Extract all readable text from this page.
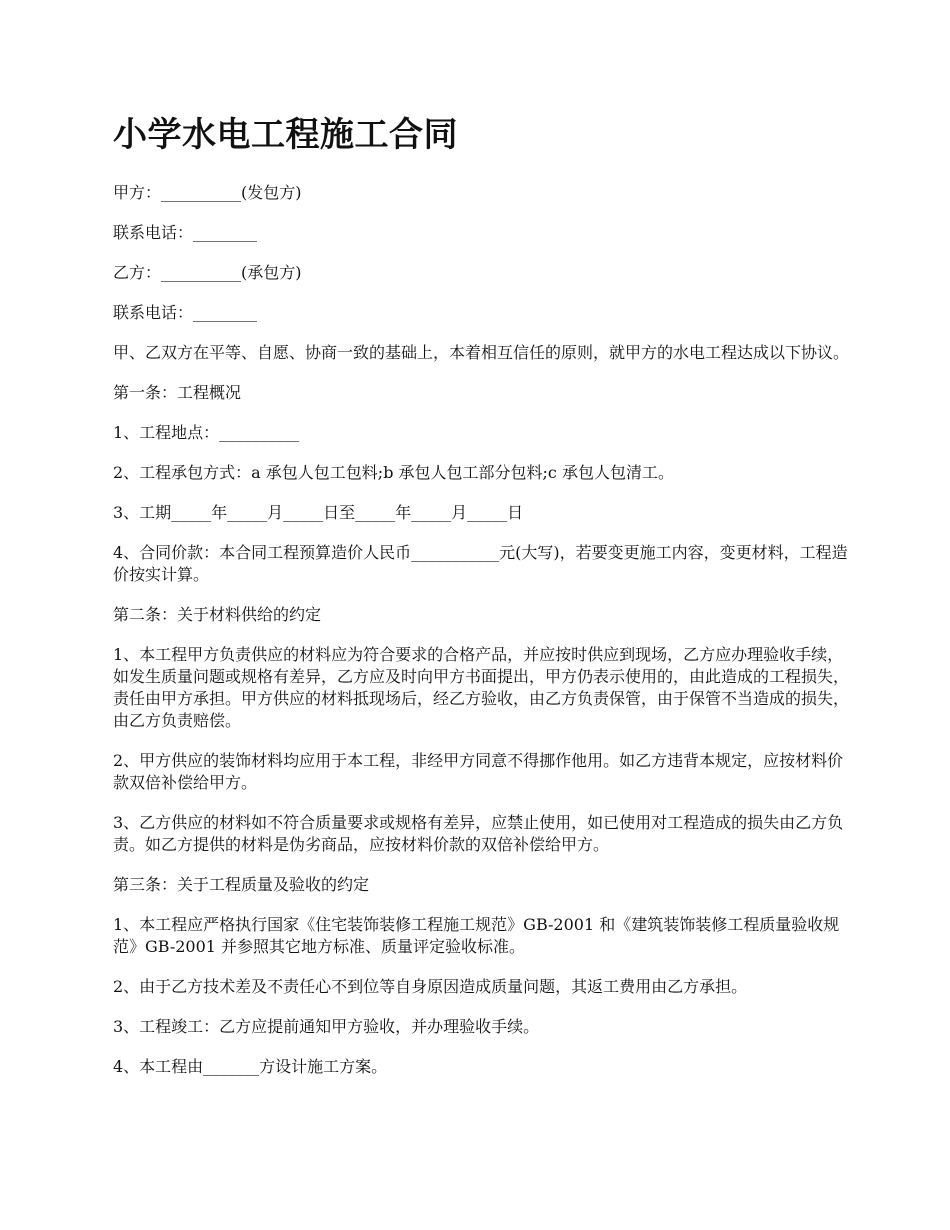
小学水电工程施工合同

甲方：__________(发包方)

联系电话：________

乙方：__________(承包方)

联系电话：________

甲、乙双方在平等、自愿、协商一致的基础上，本着相互信任的原则，就甲方的水电工程达成以下协议。

第一条：工程概况

1、工程地点：__________

2、工程承包方式：a 承包人包工包料;b 承包人包工部分包料;c 承包人包清工。

3、工期_____年_____月_____日至_____年_____月_____日

4、合同价款：本合同工程预算造价人民币___________元(大写)，若要变更施工内容，变更材料，工程造价按实计算。

第二条：关于材料供给的约定

1、本工程甲方负责供应的材料应为符合要求的合格产品，并应按时供应到现场，乙方应办理验收手续，如发生质量问题或规格有差异，乙方应及时向甲方书面提出，甲方仍表示使用的，由此造成的工程损失，责任由甲方承担。甲方供应的材料抵现场后，经乙方验收，由乙方负责保管，由于保管不当造成的损失，由乙方负责赔偿。

2、甲方供应的装饰材料均应用于本工程，非经甲方同意不得挪作他用。如乙方违背本规定，应按材料价款双倍补偿给甲方。

3、乙方供应的材料如不符合质量要求或规格有差异，应禁止使用，如已使用对工程造成的损失由乙方负责。如乙方提供的材料是伪劣商品，应按材料价款的双倍补偿给甲方。

第三条：关于工程质量及验收的约定

1、本工程应严格执行国家《住宅装饰装修工程施工规范》GB-2001 和《建筑装饰装修工程质量验收规范》GB-2001 并参照其它地方标准、质量评定验收标准。

2、由于乙方技术差及不责任心不到位等自身原因造成质量问题，其返工费用由乙方承担。

3、工程竣工：乙方应提前通知甲方验收，并办理验收手续。

4、本工程由_______方设计施工方案。
